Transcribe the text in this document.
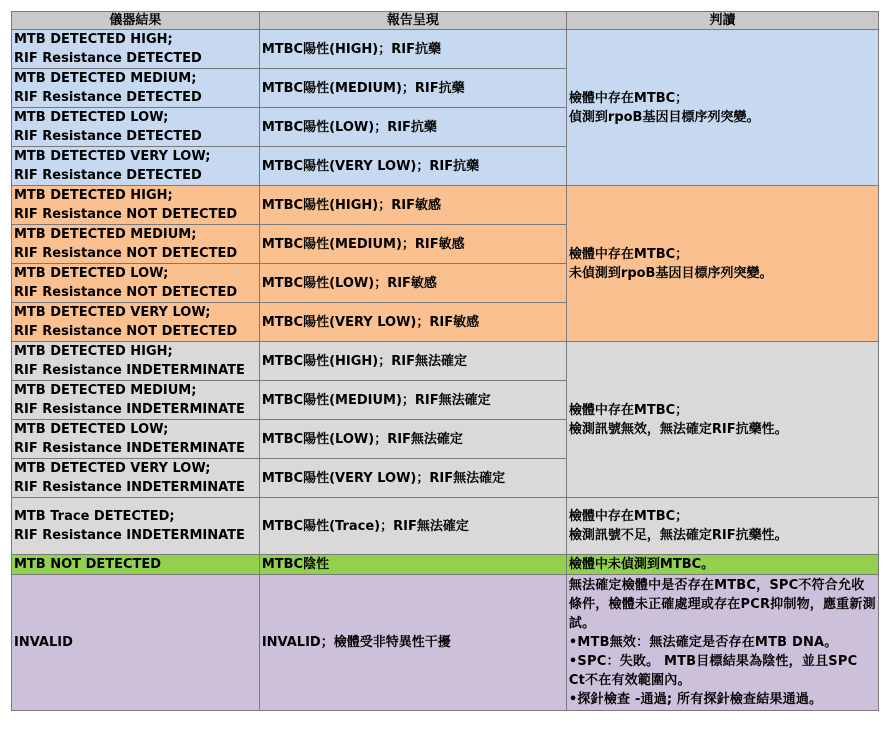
儀器結果	報告呈現	判讀

MTB DETECTED HIGH;
RIF Resistance DETECTED	MTBC陽性(HIGH)；RIF抗藥	檢體中存在MTBC；
偵測到rpoB基因目標序列突變。

MTB DETECTED MEDIUM;
RIF Resistance DETECTED	MTBC陽性(MEDIUM)；RIF抗藥	

MTB DETECTED LOW;
RIF Resistance DETECTED	MTBC陽性(LOW)；RIF抗藥	

MTB DETECTED VERY LOW;
RIF Resistance DETECTED	MTBC陽性(VERY LOW)；RIF抗藥	

MTB DETECTED HIGH;
RIF Resistance NOT DETECTED	MTBC陽性(HIGH)；RIF敏感	檢體中存在MTBC；
未偵測到rpoB基因目標序列突變。

MTB DETECTED MEDIUM;
RIF Resistance NOT DETECTED	MTBC陽性(MEDIUM)；RIF敏感	

MTB DETECTED LOW;
RIF Resistance NOT DETECTED	MTBC陽性(LOW)；RIF敏感	

MTB DETECTED VERY LOW;
RIF Resistance NOT DETECTED	MTBC陽性(VERY LOW)；RIF敏感	

MTB DETECTED HIGH;
RIF Resistance INDETERMINATE	MTBC陽性(HIGH)；RIF無法確定	檢體中存在MTBC；
檢測訊號無效，無法確定RIF抗藥性。

MTB DETECTED MEDIUM;
RIF Resistance INDETERMINATE	MTBC陽性(MEDIUM)；RIF無法確定	

MTB DETECTED LOW;
RIF Resistance INDETERMINATE	MTBC陽性(LOW)；RIF無法確定	

MTB DETECTED VERY LOW;
RIF Resistance INDETERMINATE	MTBC陽性(VERY LOW)；RIF無法確定	

MTB Trace DETECTED;
RIF Resistance INDETERMINATE	MTBC陽性(Trace)；RIF無法確定	檢體中存在MTBC；
檢測訊號不足，無法確定RIF抗藥性。

MTB NOT DETECTED	MTBC陰性	檢體中未偵測到MTBC。
INVALID	INVALID；檢體受非特異性干擾	無法確定檢體中是否存在MTBC，SPC不符合允收條件，檢體未正確處理或存在PCR抑制物，應重新測試。
•MTB無效：無法確定是否存在MTB DNA。
•SPC：失敗。 MTB目標結果為陰性，並且SPC Ct不在有效範圍內。
•探針檢查 -通過; 所有探針檢查結果通過。
